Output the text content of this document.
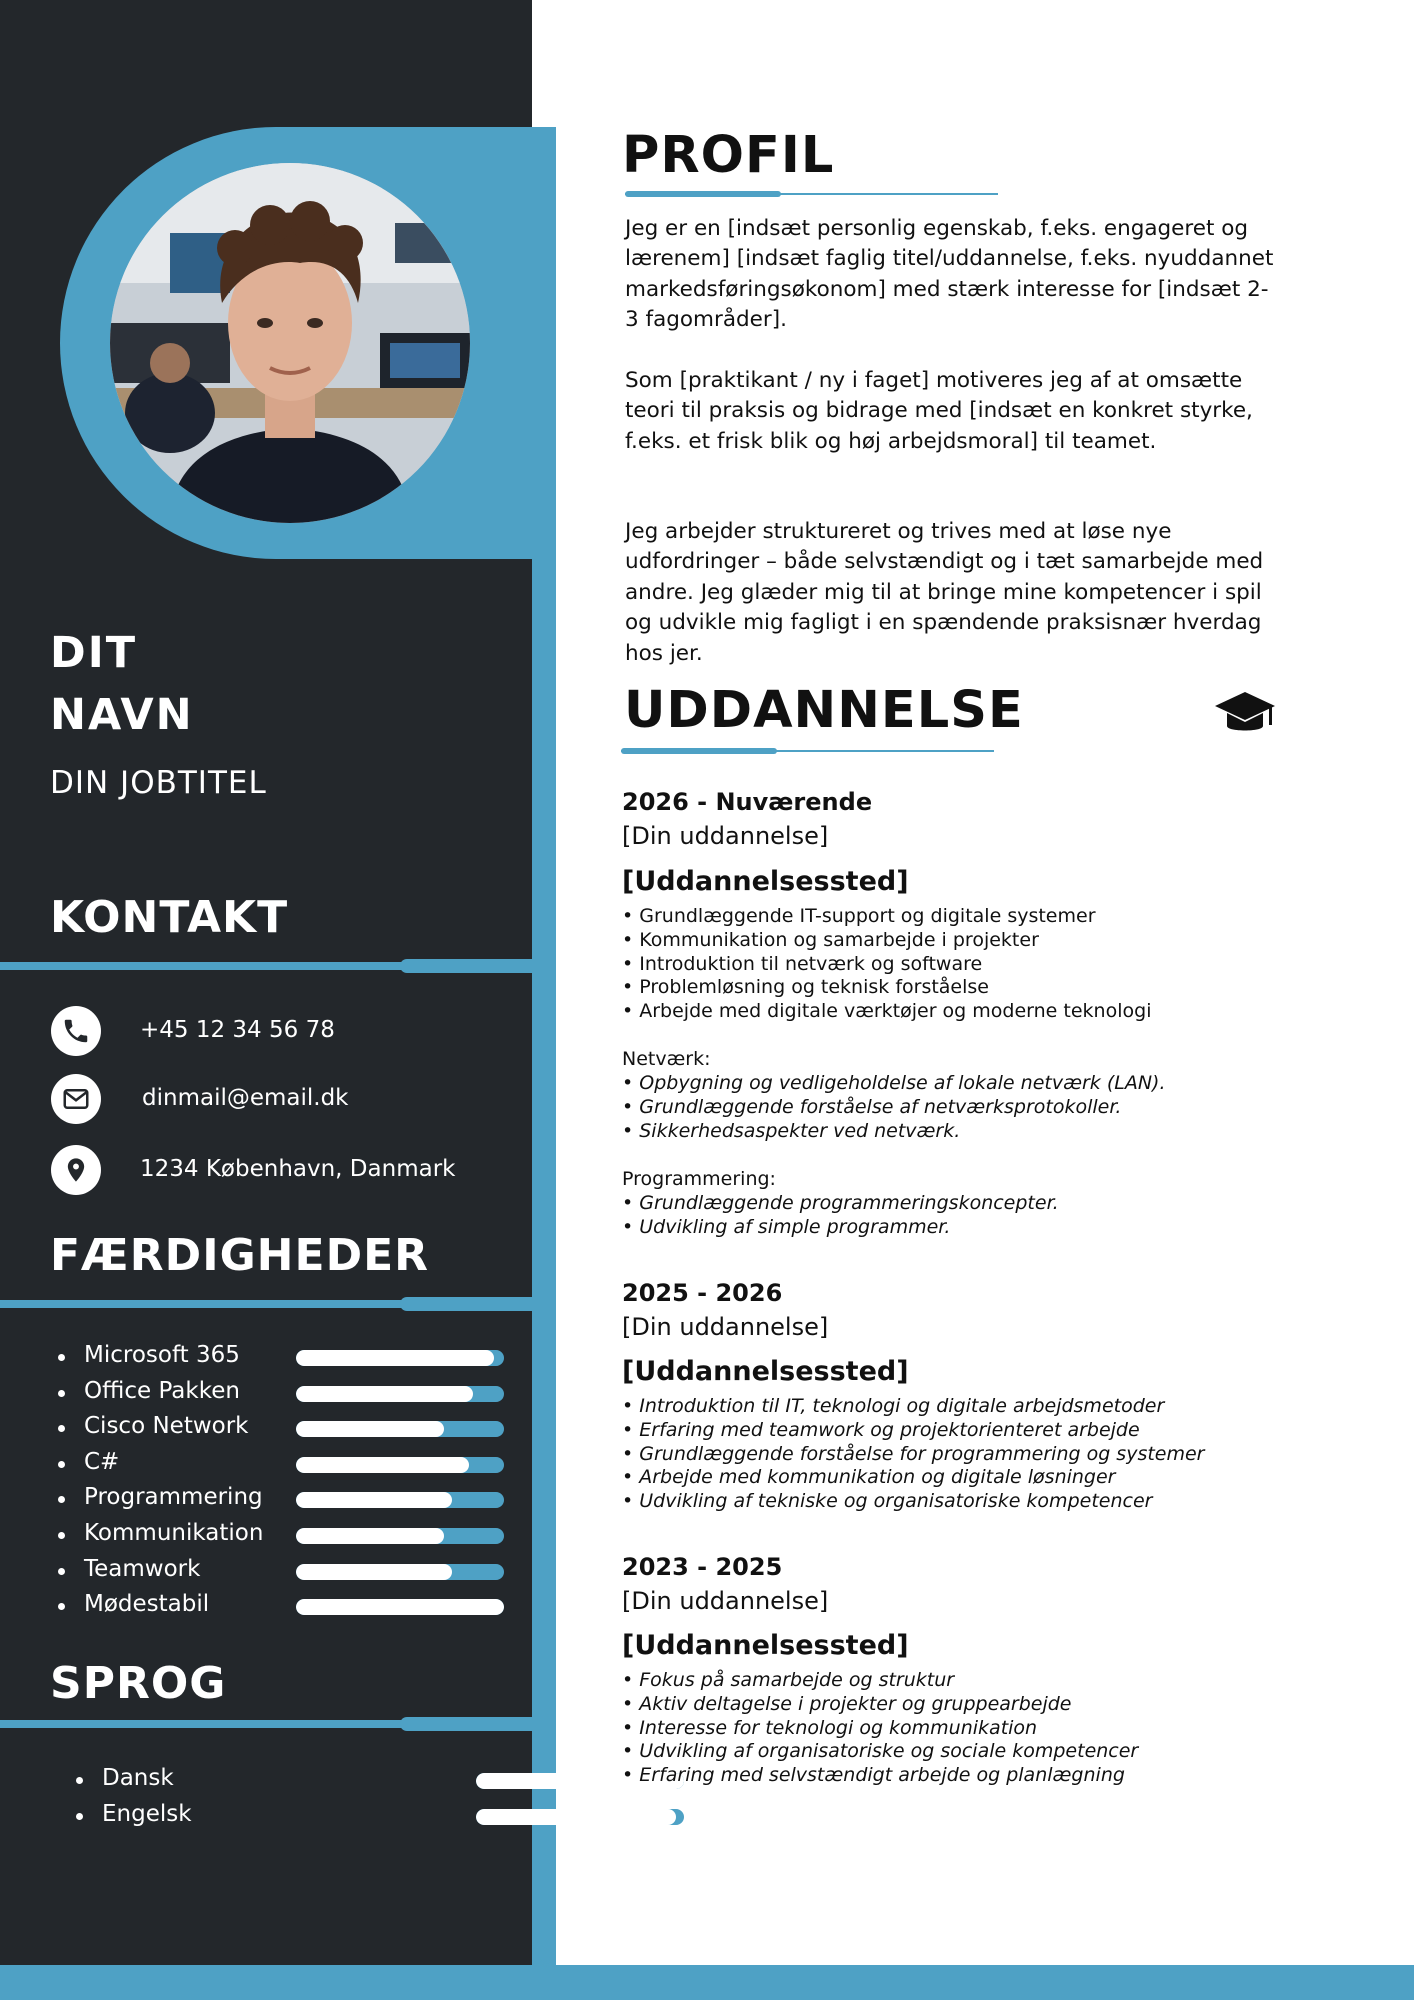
DIT
NAVN
DIN JOBTITEL
KONTAKT
+45 12 34 56 78
dinmail@email.dk
1234 København, Danmark
FÆRDIGHEDER
Microsoft 365
Office Pakken
Cisco Network
C#
Programmering
Kommunikation
Teamwork
Mødestabil
SPROG
Dansk
Engelsk
PROFIL
Jeg er en [indsæt personlig egenskab, f.eks. engageret og lærenem] [indsæt faglig titel/uddannelse, f.eks. nyuddannet markedsføringsøkonom] med stærk interesse for [indsæt 2-3 fagområder].
Som [praktikant / ny i faget] motiveres jeg af at omsætte teori til praksis og bidrage med [indsæt en konkret styrke, f.eks. et frisk blik og høj arbejdsmoral] til teamet.
Jeg arbejder struktureret og trives med at løse nye udfordringer – både selvstændigt og i tæt samarbejde med andre. Jeg glæder mig til at bringe mine kompetencer i spil og udvikle mig fagligt i en spændende praksisnær hverdag hos jer.
UDDANNELSE
2026 - Nuværende
[Din uddannelse]
[Uddannelsessted]
• Grundlæggende IT-support og digitale systemer
• Kommunikation og samarbejde i projekter
• Introduktion til netværk og software
• Problemløsning og teknisk forståelse
• Arbejde med digitale værktøjer og moderne teknologi
Netværk:
• Opbygning og vedligeholdelse af lokale netværk (LAN).
• Grundlæggende forståelse af netværksprotokoller.
• Sikkerhedsaspekter ved netværk.
Programmering:
• Grundlæggende programmeringskoncepter.
• Udvikling af simple programmer.
2025 - 2026
[Din uddannelse]
[Uddannelsessted]
• Introduktion til IT, teknologi og digitale arbejdsmetoder
• Erfaring med teamwork og projektorienteret arbejde
• Grundlæggende forståelse for programmering og systemer
• Arbejde med kommunikation og digitale løsninger
• Udvikling af tekniske og organisatoriske kompetencer
2023 - 2025
[Din uddannelse]
[Uddannelsessted]
• Fokus på samarbejde og struktur
• Aktiv deltagelse i projekter og gruppearbejde
• Interesse for teknologi og kommunikation
• Udvikling af organisatoriske og sociale kompetencer
• Erfaring med selvstændigt arbejde og planlægning
